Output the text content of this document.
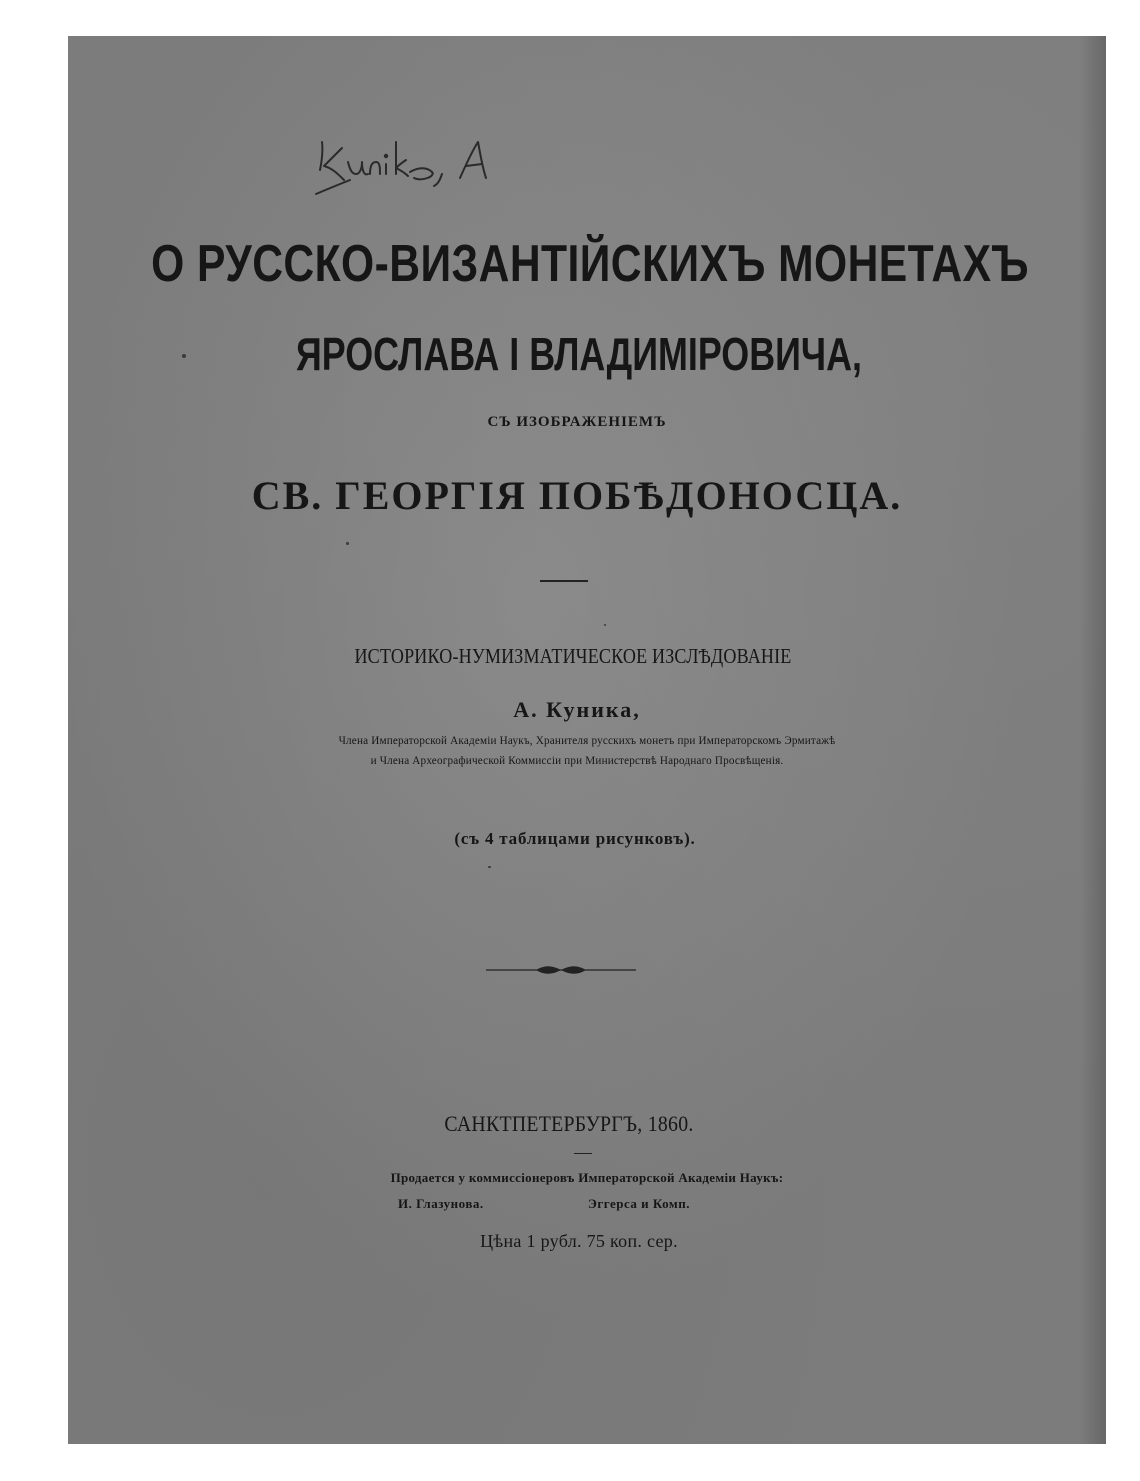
О РУССКО-ВИЗАНТІЙСКИХЪ МОНЕТАХЪ
ЯРОСЛАВА I ВЛАДИМІРОВИЧА,
СЪ ИЗОБРАЖЕНІЕМЪ
СВ. ГЕОРГІЯ ПОБѢДОНОСЦА.
ИСТОРИКО-НУМИЗМАТИЧЕСКОЕ ИЗСЛѢДОВАНІЕ
А. Куника,
Члена Императорской Академіи Наукъ, Хранителя русскихъ монетъ при Императорскомъ Эрмитажѣ
и Члена Археографической Коммиссіи при Министерствѣ Народнаго Просвѣщенія.
(съ 4 таблицами рисунковъ).
САНКТПЕТЕРБУРГЪ, 1860.
Продается у коммиссіонеровъ Императорской Академіи Наукъ:
И. Глазунова.	Эггерса и Комп.
Цѣна 1 рубл. 75 коп. сер.
